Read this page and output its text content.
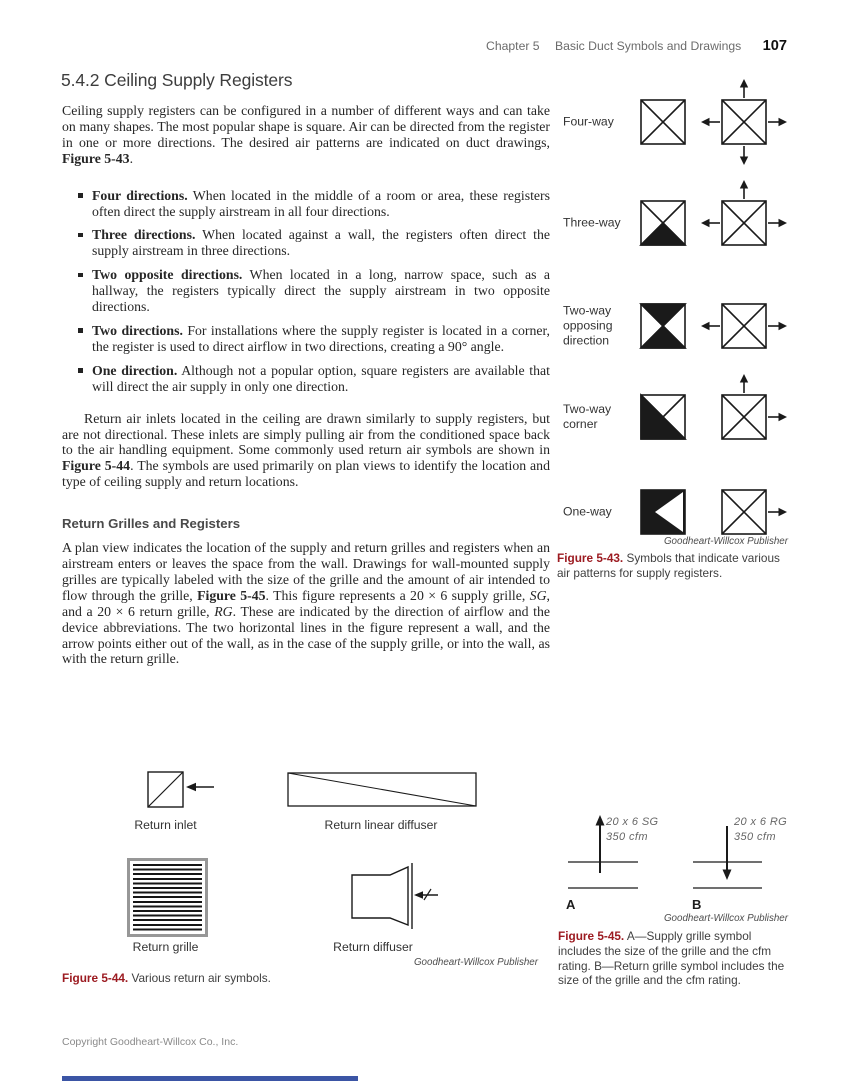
Chapter 5 Basic Duct Symbols and Drawings 107
5.4.2 Ceiling Supply Registers

Ceiling supply registers can be configured in a number of different ways and can take on many shapes. The most popular shape is square. Air can be directed from the register in one or more directions. The desired air patterns are indicated on duct drawings, Figure 5-43.

Four directions. When located in the middle of a room or area, these registers often direct the supply airstream in all four directions.
Three directions. When located against a wall, the registers often direct the supply airstream in three directions.
Two opposite directions. When located in a long, narrow space, such as a hallway, the registers typically direct the supply airstream in two opposite directions.
Two directions. For installations where the supply register is located in a corner, the register is used to direct airflow in two directions, creating a 90° angle.
One direction. Although not a popular option, square registers are available that will direct the air supply in only one direction.

Return air inlets located in the ceiling are drawn similarly to supply registers, but are not directional. These inlets are simply pulling air from the conditioned space back to the air handling equipment. Some commonly used return air symbols are shown in Figure 5-44. The symbols are used primarily on plan views to identify the location and type of ceiling supply and return locations.

Return Grilles and Registers

A plan view indicates the location of the supply and return grilles and registers when an airstream enters or leaves the space from the wall. Drawings for wall-mounted supply grilles are typically labeled with the size of the grille and the amount of air intended to flow through the grille, Figure 5-45. This figure represents a 20 × 6 supply grille, SG, and a 20 × 6 return grille, RG. These are indicated by the direction of airflow and the device abbreviations. The two horizontal lines in the figure represent a wall, and the arrow points either out of the wall, as in the case of the supply grille, or into the wall, as with the return grille.

Four-way
Three-way
Two-way opposing direction
Two-way corner
One-way
Goodheart-Willcox Publisher

Figure 5-43. Symbols that indicate various air patterns for supply registers.

Return inlet	Return linear diffuser
Return grille	Return diffuser
Goodheart-Willcox Publisher

Figure 5-44. Various return air symbols.

20 x 6 SG
350 cfm
A
20 x 6 RG
350 cfm
B
Goodheart-Willcox Publisher

Figure 5-45. A—Supply grille symbol includes the size of the grille and the cfm rating. B—Return grille symbol includes the size of the grille and the cfm rating.

Copyright Goodheart-Willcox Co., Inc.
